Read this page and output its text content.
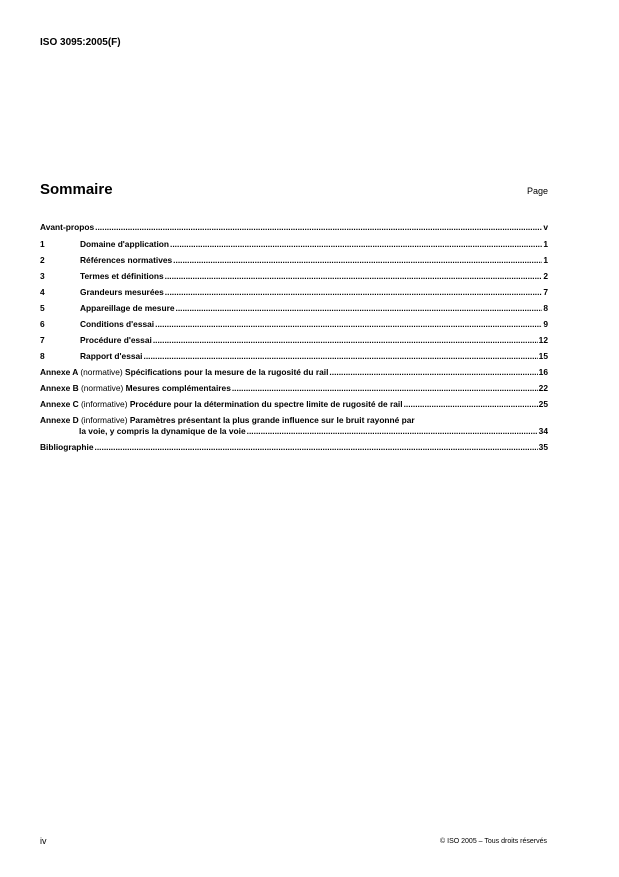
ISO 3095:2005(F)
Sommaire	Page
Avant-propos .....	v
1	Domaine d'application .....	1
2	Références normatives .....	1
3	Termes et définitions .....	2
4	Grandeurs mesurées .....	7
5	Appareillage de mesure .....	8
6	Conditions d'essai .....	9
7	Procédure d'essai .....	12
8	Rapport d'essai .....	15
Annexe A (normative) Spécifications pour la mesure de la rugosité du rail .....	16
Annexe B (normative) Mesures complémentaires .....	22
Annexe C (informative) Procédure pour la détermination du spectre limite de rugosité de rail .....	25
Annexe D (informative) Paramètres présentant la plus grande influence sur le bruit rayonné par
la voie, y compris la dynamique de la voie .....	34
Bibliographie .....	35
iv	© ISO 2005 – Tous droits réservés
